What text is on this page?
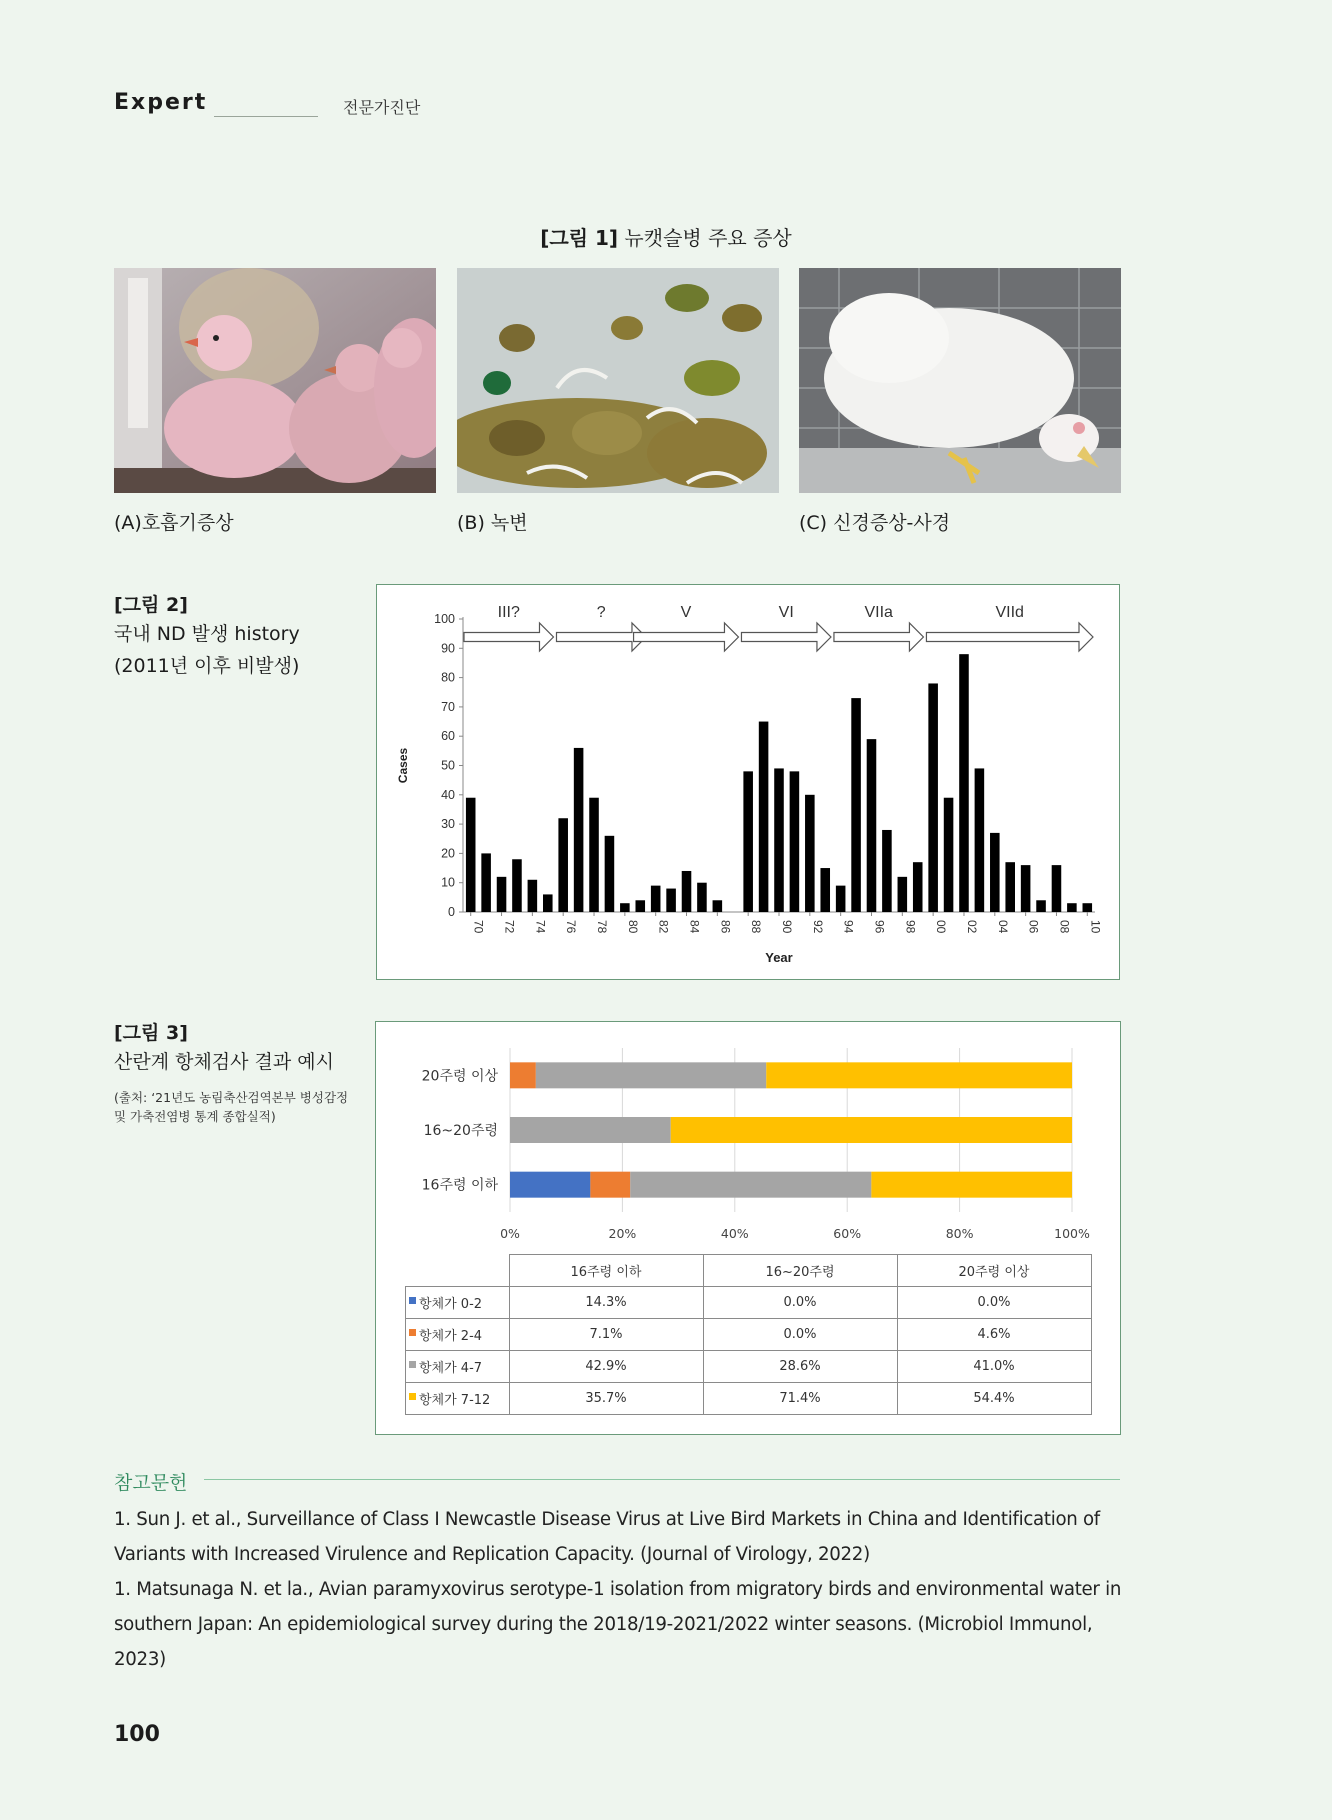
Expert	전문가진단
[그림 1] 뉴캣슬병 주요 증상
(A)호흡기증상	(B) 녹변	(C) 신경증상-사경
[그림 2]
국내 ND 발생 history
(2011년 이후 비발생)
0
10
20
30
40
50
60
70
80
90
100
70 72 74 76 78 80 82 84 86 88 90 92 94 96 98 00 02 04 06 08 10
Year
Cases
III?	?	V	VI	VIIa	VIId
[그림 3]
산란계 항체검사 결과 예시
(출처: ‘21년도 농림축산검역본부 병성감정
및 가축전염병 통계 종합실적)
0%	20%	40%	60%	80%	100%
20주령 이상
16~20주령
16주령 이하
	16주령 이하	16~20주령	20주령 이상
항체가 0-2	14.3%	0.0%	0.0%
항체가 2-4	7.1%	0.0%	4.6%
항체가 4-7	42.9%	28.6%	41.0%
항체가 7-12	35.7%	71.4%	54.4%
참고문헌
1. Sun J. et al., Surveillance of Class I Newcastle Disease Virus at Live Bird Markets in China and Identification of Variants with Increased Virulence and Replication Capacity. (Journal of Virology, 2022)
1. Matsunaga N. et la., Avian paramyxovirus serotype-1 isolation from migratory birds and environmental water in southern Japan: An epidemiological survey during the 2018/19-2021/2022 winter seasons. (Microbiol Immunol, 2023)
100
